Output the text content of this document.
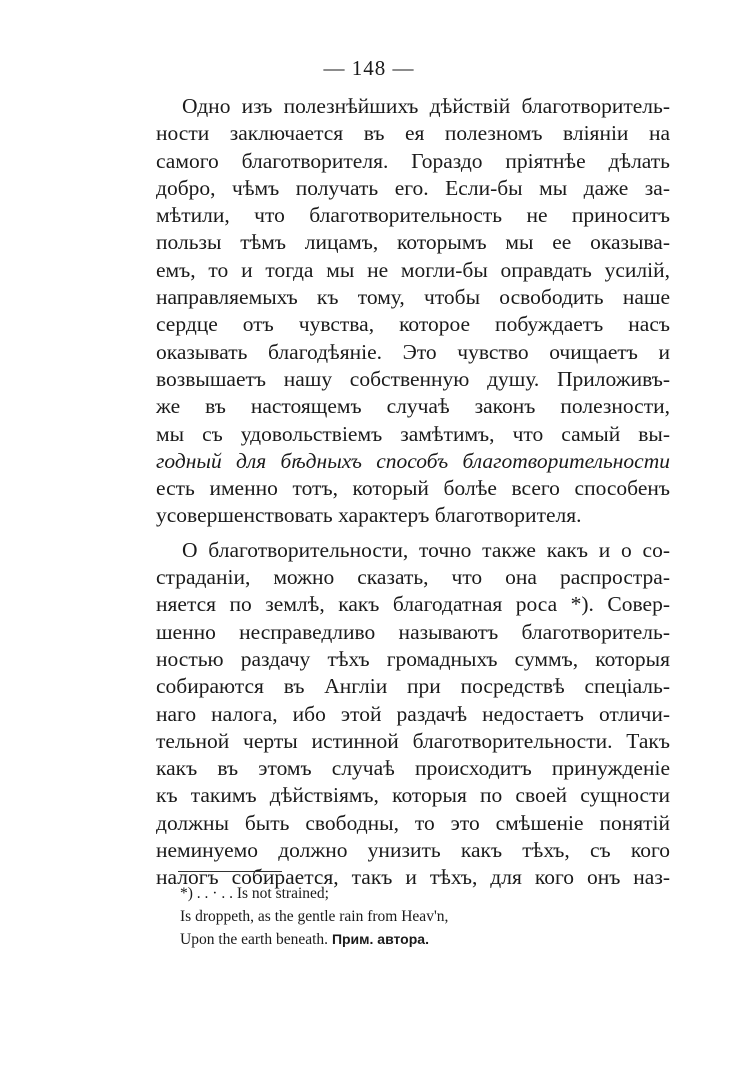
— 148 —
Одно изъ полезнѣйшихъ дѣйствій благотворитель-
ности заключается въ ея полезномъ вліяніи на
самого благотворителя. Гораздо пріятнѣе дѣлать
добро, чѣмъ получать его. Если-бы мы даже за-
мѣтили, что благотворительность не приноситъ
пользы тѣмъ лицамъ, которымъ мы ее оказыва-
емъ, то и тогда мы не могли-бы оправдать усилій,
направляемыхъ къ тому, чтобы освободить наше
сердце отъ чувства, которое побуждаетъ насъ
оказывать благодѣяніе. Это чувство очищаетъ и
возвышаетъ нашу собственную душу. Приложивъ-
же въ настоящемъ случаѣ законъ полезности,
мы съ удовольствіемъ замѣтимъ, что самый вы-
годный для бѣдныхъ способъ благотворительности
есть именно тотъ, который болѣе всего способенъ
усовершенствовать характеръ благотворителя.
О благотворительности, точно также какъ и о со-
страданіи, можно сказать, что она распростра-
няется по землѣ, какъ благодатная роса *). Совер-
шенно несправедливо называютъ благотворитель-
ностью раздачу тѣхъ громадныхъ суммъ, которыя
собираются въ Англіи при посредствѣ спеціаль-
наго налога, ибо этой раздачѣ недостаетъ отличи-
тельной черты истинной благотворительности. Такъ
какъ въ этомъ случаѣ происходитъ принужденіе
къ такимъ дѣйствіямъ, которыя по своей сущности
должны быть свободны, то это смѣшеніе понятій
неминуемо должно унизить какъ тѣхъ, съ кого
налогъ собирается, такъ и тѣхъ, для кого онъ наз-
*) . . · . . Is not strained;
Is droppeth, as the gentle rain from Heav'n,
Upon the earth beneath. Прим. автора.
